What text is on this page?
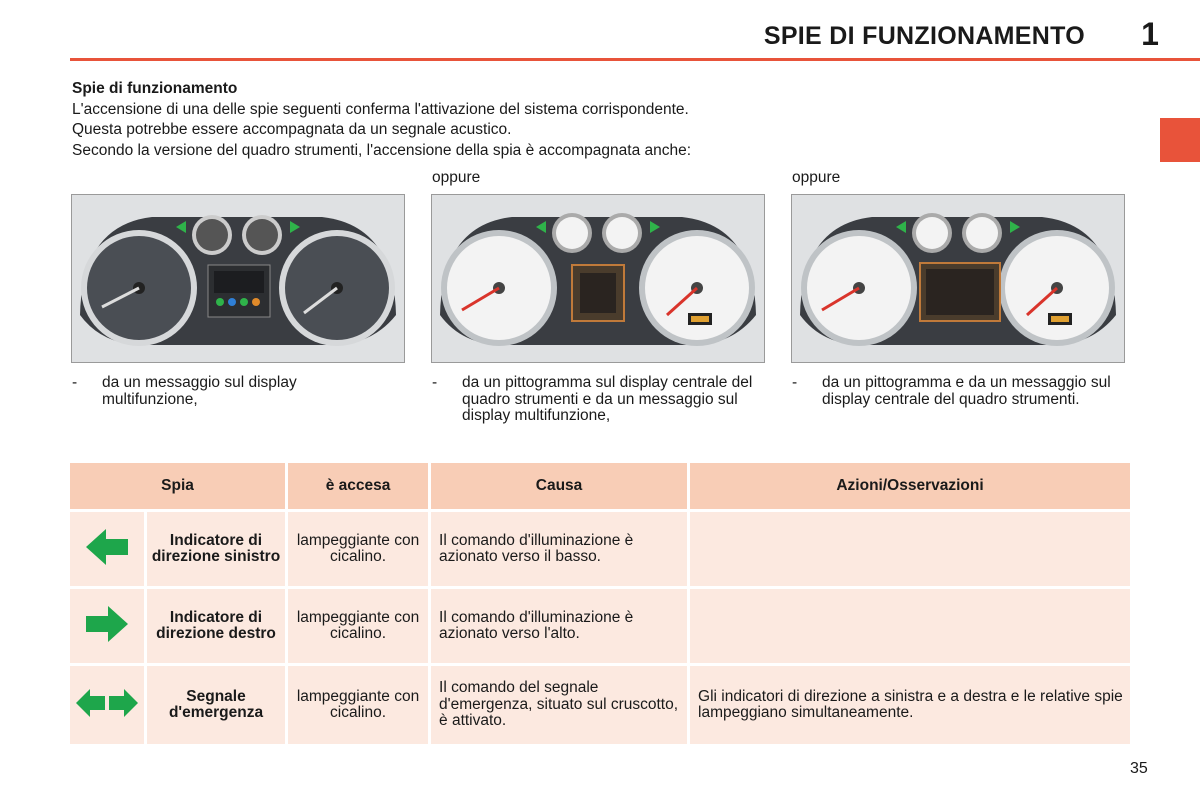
SPIE DI FUNZIONAMENTO 1
Spie di funzionamento
L'accensione di una delle spie seguenti conferma l'attivazione del sistema corrispondente.
Questa potrebbe essere accompagnata da un segnale acustico.
Secondo la versione del quadro strumenti, l'accensione della spia è accompagnata anche:
oppure	oppure
- da un messaggio sul display multifunzione,
- da un pittogramma sul display centrale del quadro strumenti e da un messaggio sul display multifunzione,
- da un pittogramma e da un messaggio sul display centrale del quadro strumenti.
Spia		è accesa	Causa	Azioni/Osservazioni
	Indicatore di direzione sinistro	lampeggiante con cicalino.	Il comando d'illuminazione è azionato verso il basso.	
	Indicatore di direzione destro	lampeggiante con cicalino.	Il comando d'illuminazione è azionato verso l'alto.	
	Segnale d'emergenza	lampeggiante con cicalino.	Il comando del segnale d'emergenza, situato sul cruscotto, è attivato.	Gli indicatori di direzione a sinistra e a destra e le relative spie lampeggiano simultaneamente.
35
